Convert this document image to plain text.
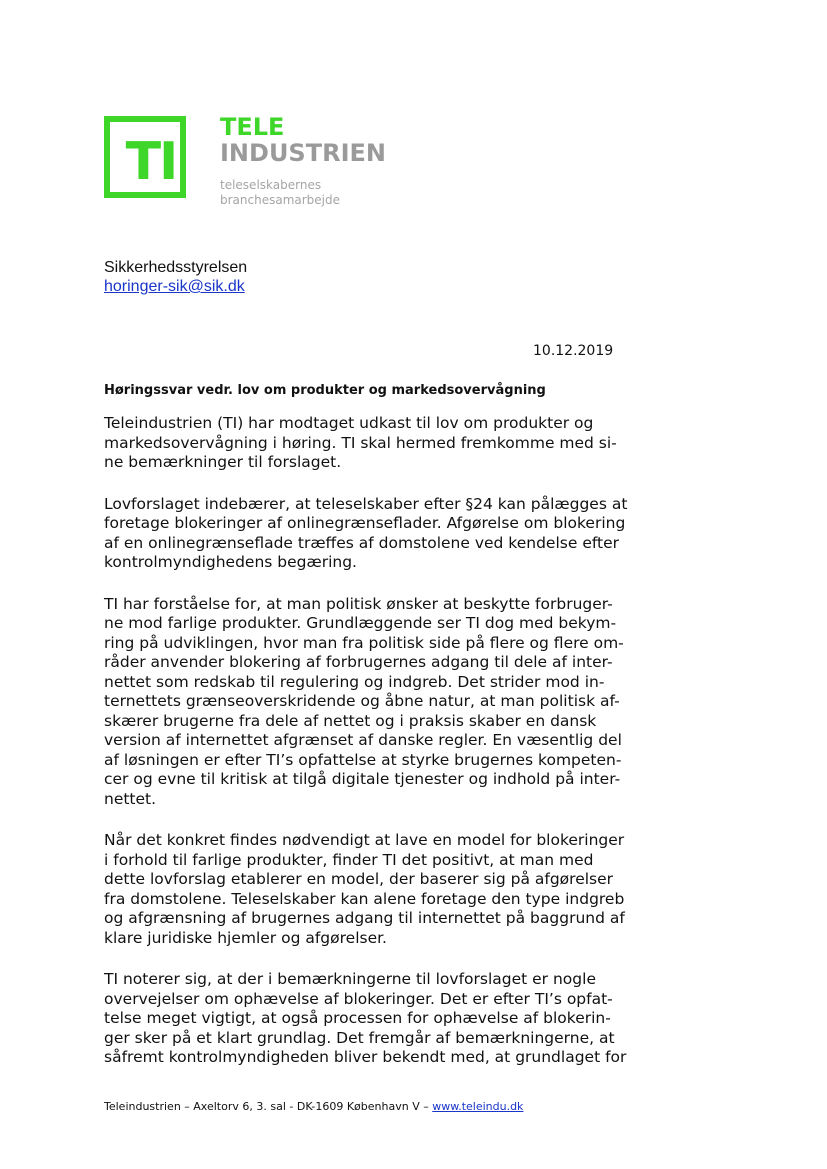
TI
TELE
INDUSTRIEN
teleselskabernes
branchesamarbejde
Sikkerhedsstyrelsen
horinger-sik@sik.dk
10.12.2019
Høringssvar vedr. lov om produkter og markedsovervågning

Teleindustrien (TI) har modtaget udkast til lov om produkter og
markedsovervågning i høring. TI skal hermed fremkomme med si-
ne bemærkninger til forslaget.

Lovforslaget indebærer, at teleselskaber efter §24 kan pålægges at
foretage blokeringer af onlinegrænseflader. Afgørelse om blokering
af en onlinegrænseflade træffes af domstolene ved kendelse efter
kontrolmyndighedens begæring.

TI har forståelse for, at man politisk ønsker at beskytte forbruger-
ne mod farlige produkter. Grundlæggende ser TI dog med bekym-
ring på udviklingen, hvor man fra politisk side på flere og flere om-
råder anvender blokering af forbrugernes adgang til dele af inter-
nettet som redskab til regulering og indgreb. Det strider mod in-
ternettets grænseoverskridende og åbne natur, at man politisk af-
skærer brugerne fra dele af nettet og i praksis skaber en dansk
version af internettet afgrænset af danske regler. En væsentlig del
af løsningen er efter TI’s opfattelse at styrke brugernes kompeten-
cer og evne til kritisk at tilgå digitale tjenester og indhold på inter-
nettet.

Når det konkret findes nødvendigt at lave en model for blokeringer
i forhold til farlige produkter, finder TI det positivt, at man med
dette lovforslag etablerer en model, der baserer sig på afgørelser
fra domstolene. Teleselskaber kan alene foretage den type indgreb
og afgrænsning af brugernes adgang til internettet på baggrund af
klare juridiske hjemler og afgørelser.

TI noterer sig, at der i bemærkningerne til lovforslaget er nogle
overvejelser om ophævelse af blokeringer. Det er efter TI’s opfat-
telse meget vigtigt, at også processen for ophævelse af blokerin-
ger sker på et klart grundlag. Det fremgår af bemærkningerne, at
såfremt kontrolmyndigheden bliver bekendt med, at grundlaget for

Teleindustrien – Axeltorv 6, 3. sal - DK-1609 København V – www.teleindu.dk
